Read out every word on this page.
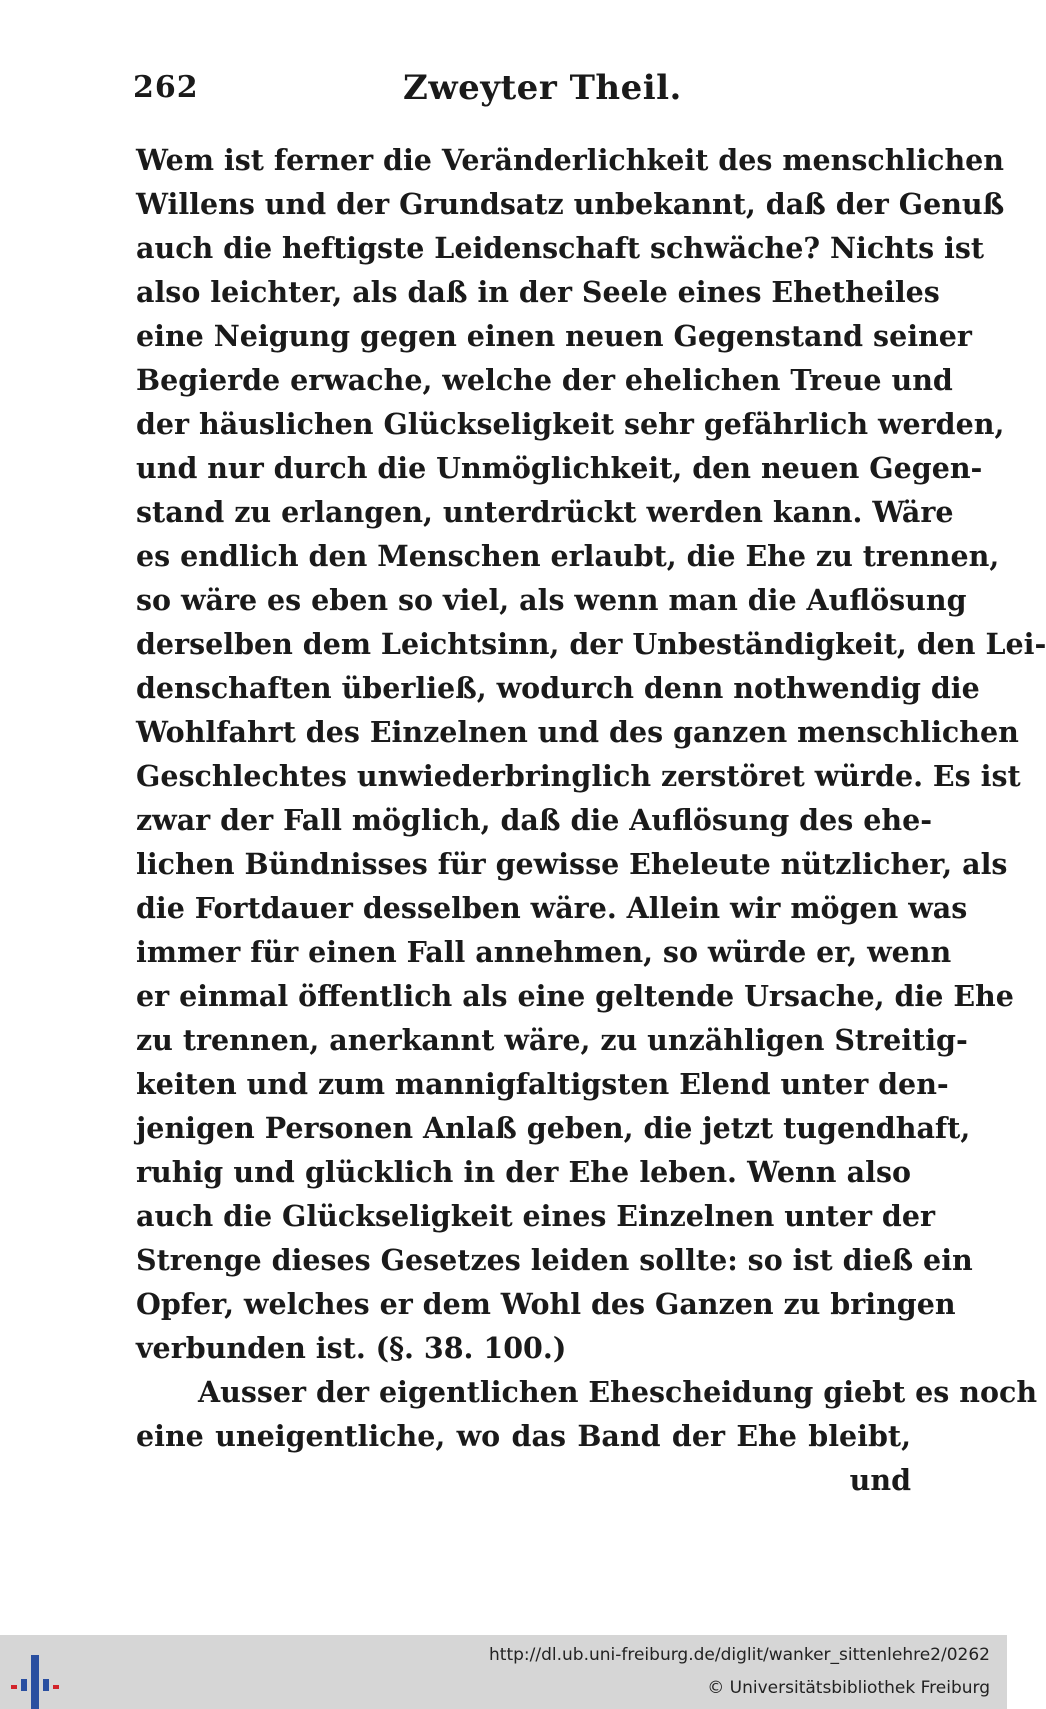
262	Zweyter Theil.
Wem ist ferner die Veränderlichkeit des menschlichen
Willens und der Grundsatz unbekannt, daß der Genuß
auch die heftigste Leidenschaft schwäche? Nichts ist
also leichter, als daß in der Seele eines Ehetheiles
eine Neigung gegen einen neuen Gegenstand seiner
Begierde erwache, welche der ehelichen Treue und
der häuslichen Glückseligkeit sehr gefährlich werden,
und nur durch die Unmöglichkeit, den neuen Gegen-
stand zu erlangen, unterdrückt werden kann. Wäre
es endlich den Menschen erlaubt, die Ehe zu trennen,
so wäre es eben so viel, als wenn man die Auflösung
derselben dem Leichtsinn, der Unbeständigkeit, den Lei-
denschaften überließ, wodurch denn nothwendig die
Wohlfahrt des Einzelnen und des ganzen menschlichen
Geschlechtes unwiederbringlich zerstöret würde. Es ist
zwar der Fall möglich, daß die Auflösung des ehe-
lichen Bündnisses für gewisse Eheleute nützlicher, als
die Fortdauer desselben wäre. Allein wir mögen was
immer für einen Fall annehmen, so würde er, wenn
er einmal öffentlich als eine geltende Ursache, die Ehe
zu trennen, anerkannt wäre, zu unzähligen Streitig-
keiten und zum mannigfaltigsten Elend unter den-
jenigen Personen Anlaß geben, die jetzt tugendhaft,
ruhig und glücklich in der Ehe leben. Wenn also
auch die Glückseligkeit eines Einzelnen unter der
Strenge dieses Gesetzes leiden sollte: so ist dieß ein
Opfer, welches er dem Wohl des Ganzen zu bringen
verbunden ist. (§. 38. 100.)
Ausser der eigentlichen Ehescheidung giebt es noch
eine uneigentliche, wo das Band der Ehe bleibt,
und
http://dl.ub.uni-freiburg.de/diglit/wanker_sittenlehre2/0262
© Universitätsbibliothek Freiburg
